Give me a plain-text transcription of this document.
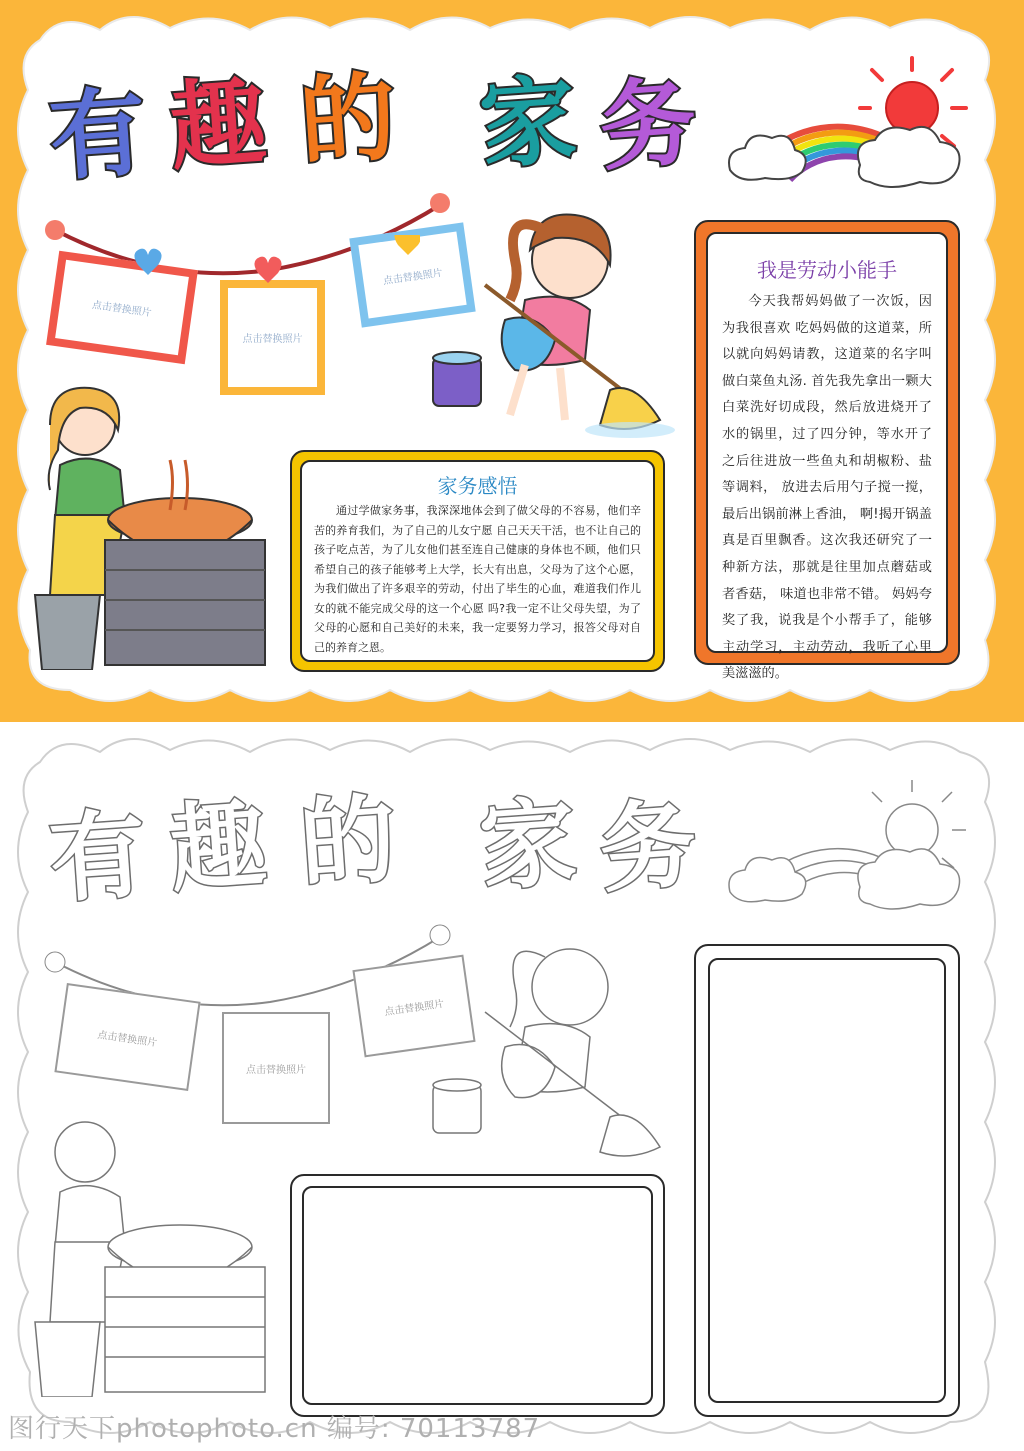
有 趣 的 家 务
点击替换照片
点击替换照片
点击替换照片
家务感悟
通过学做家务事，我深深地体会到了做父母的不容易，他们辛苦的养育我们，为了自己的儿女宁愿 自己天天干活，也不让自己的孩子吃点苦，为了儿女他们甚至连自己健康的身体也不顾，他们只希望自己的孩子能够考上大学，长大有出息，父母为了这个心愿，为我们做出了许多艰辛的劳动，付出了毕生的心血，难道我们作儿女的就不能完成父母的这一个心愿 吗?我一定不让父母失望，为了父母的心愿和自己美好的未来，我一定要努力学习，报答父母对自己的养育之恩。
我是劳动小能手
今天我帮妈妈做了一次饭，因为我很喜欢 吃妈妈做的这道菜，所以就向妈妈请教，这道菜的名字叫做白菜鱼丸汤. 首先我先拿出一颗大白菜洗好切成段，然后放进烧开了水的锅里，过了四分钟，等水开了之后往进放一些鱼丸和胡椒粉、盐等调料， 放进去后用勺子搅一搅，最后出锅前淋上香油， 啊!揭开锅盖真是百里飘香。这次我还研究了一种新方法，那就是往里加点蘑菇或者香菇， 味道也非常不错。 妈妈夸奖了我，说我是个小帮手了，能够主动学习，主动劳动，我听了心里美滋滋的。
有 趣 的 家 务
点击替换照片
点击替换照片
点击替换照片
图行天下photophoto.cn 编号: 70113787
